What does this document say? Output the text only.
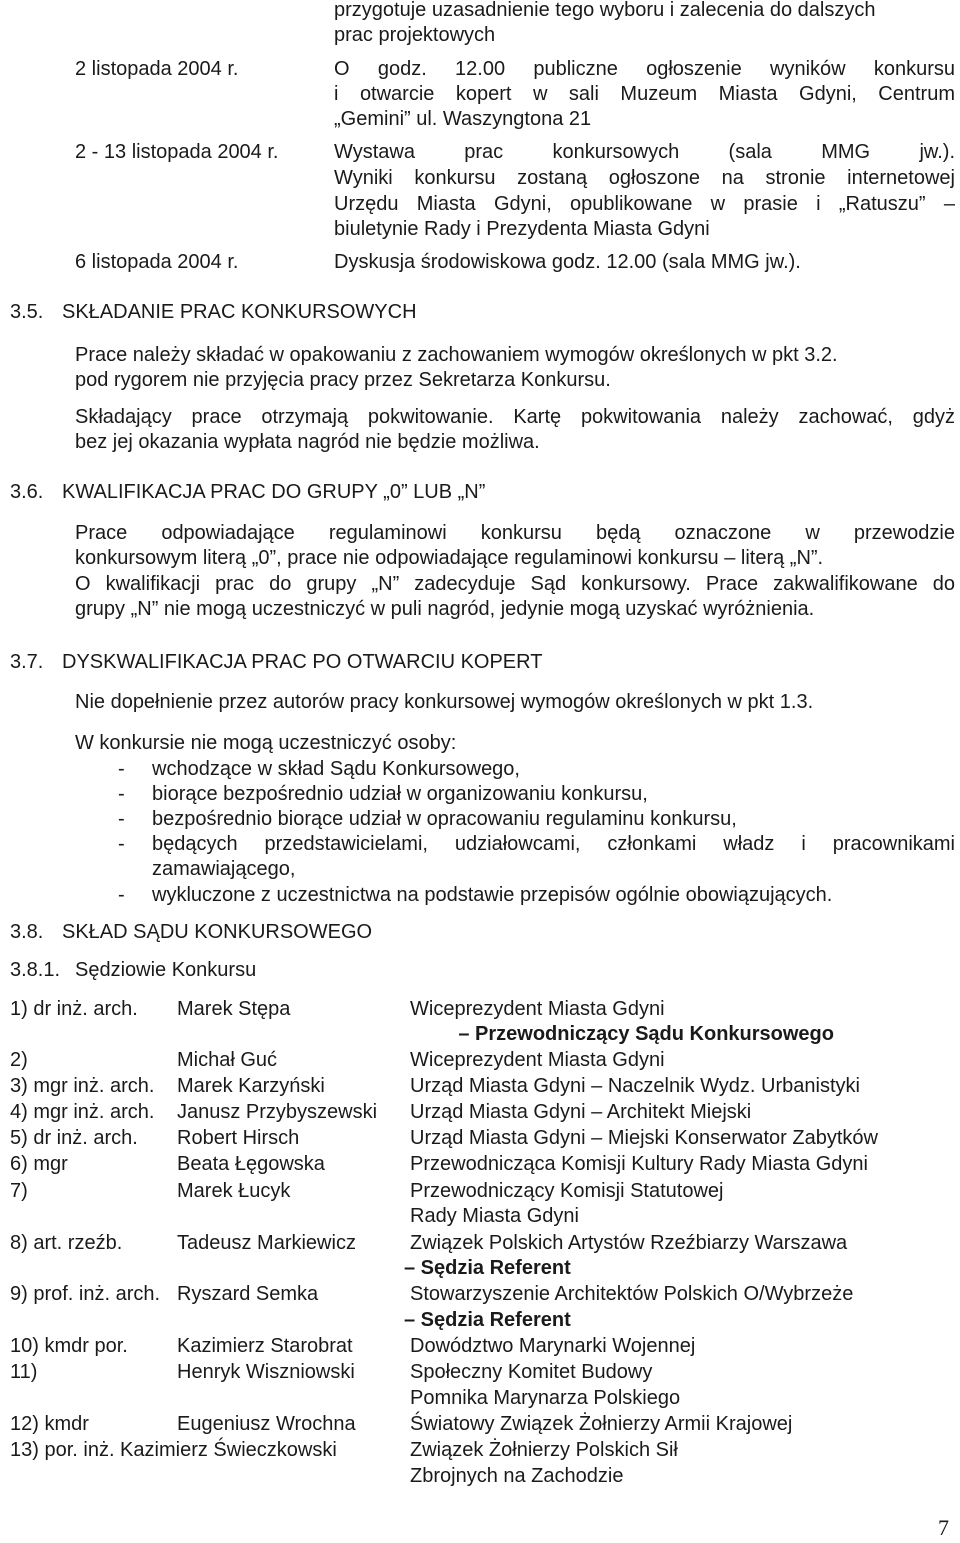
przygotuje uzasadnienie tego wyboru i zalecenia do dalszych
prac projektowych
2 listopada 2004 r.	O godz. 12.00 publiczne ogłoszenie wyników konkursu
i otwarcie kopert w sali Muzeum Miasta Gdyni, Centrum
„Gemini” ul. Waszyngtona 21
2 - 13 listopada 2004 r.	Wystawa prac konkursowych (sala MMG jw.).
Wyniki konkursu zostaną ogłoszone na stronie internetowej
Urzędu Miasta Gdyni, opublikowane w prasie i „Ratuszu” –
biuletynie Rady i Prezydenta Miasta Gdyni
6 listopada 2004 r.	Dyskusja środowiskowa godz. 12.00 (sala MMG jw.).
3.5. SKŁADANIE PRAC KONKURSOWYCH
Prace należy składać w opakowaniu z zachowaniem wymogów określonych w pkt 3.2.
pod rygorem nie przyjęcia pracy przez Sekretarza Konkursu.
Składający prace otrzymają pokwitowanie. Kartę pokwitowania należy zachować, gdyż
bez jej okazania wypłata nagród nie będzie możliwa.
3.6. KWALIFIKACJA PRAC DO GRUPY „0” LUB „N”
Prace odpowiadające regulaminowi konkursu będą oznaczone w przewodzie
konkursowym literą „0”, prace nie odpowiadające regulaminowi konkursu – literą „N”.
O kwalifikacji prac do grupy „N” zadecyduje Sąd konkursowy. Prace zakwalifikowane do
grupy „N” nie mogą uczestniczyć w puli nagród, jedynie mogą uzyskać wyróżnienia.
3.7. DYSKWALIFIKACJA PRAC PO OTWARCIU KOPERT
Nie dopełnienie przez autorów pracy konkursowej wymogów określonych w pkt 1.3.
W konkursie nie mogą uczestniczyć osoby:
- wchodzące w skład Sądu Konkursowego,
- biorące bezpośrednio udział w organizowaniu konkursu,
- bezpośrednio biorące udział w opracowaniu regulaminu konkursu,
- będących przedstawicielami, udziałowcami, członkami władz i pracownikami
zamawiającego,
- wykluczone z uczestnictwa na podstawie przepisów ogólnie obowiązujących.
3.8. SKŁAD SĄDU KONKURSOWEGO
3.8.1. Sędziowie Konkursu
1) dr inż. arch. Marek Stępa	Wiceprezydent Miasta Gdyni
– Przewodniczący Sądu Konkursowego
2)	Michał Guć	Wiceprezydent Miasta Gdyni
3) mgr inż. arch. Marek Karzyński	Urząd Miasta Gdyni – Naczelnik Wydz. Urbanistyki
4) mgr inż. arch. Janusz Przybyszewski Urząd Miasta Gdyni – Architekt Miejski
5) dr inż. arch. Robert Hirsch	Urząd Miasta Gdyni – Miejski Konserwator Zabytków
6) mgr	Beata Łęgowska	Przewodnicząca Komisji Kultury Rady Miasta Gdyni
7)	Marek Łucyk	Przewodniczący Komisji Statutowej
Rady Miasta Gdyni
8) art. rzeźb.	Tadeusz Markiewicz	Związek Polskich Artystów Rzeźbiarzy Warszawa
– Sędzia Referent
9) prof. inż. arch. Ryszard Semka	Stowarzyszenie Architektów Polskich O/Wybrzeże
– Sędzia Referent
10) kmdr por. Kazimierz Starobrat	Dowództwo Marynarki Wojennej
11)	Henryk Wiszniowski	Społeczny Komitet Budowy
Pomnika Marynarza Polskiego
12) kmdr	Eugeniusz Wrochna	Światowy Związek Żołnierzy Armii Krajowej
13) por. inż. Kazimierz Świeczkowski	Związek Żołnierzy Polskich Sił
Zbrojnych na Zachodzie
7
